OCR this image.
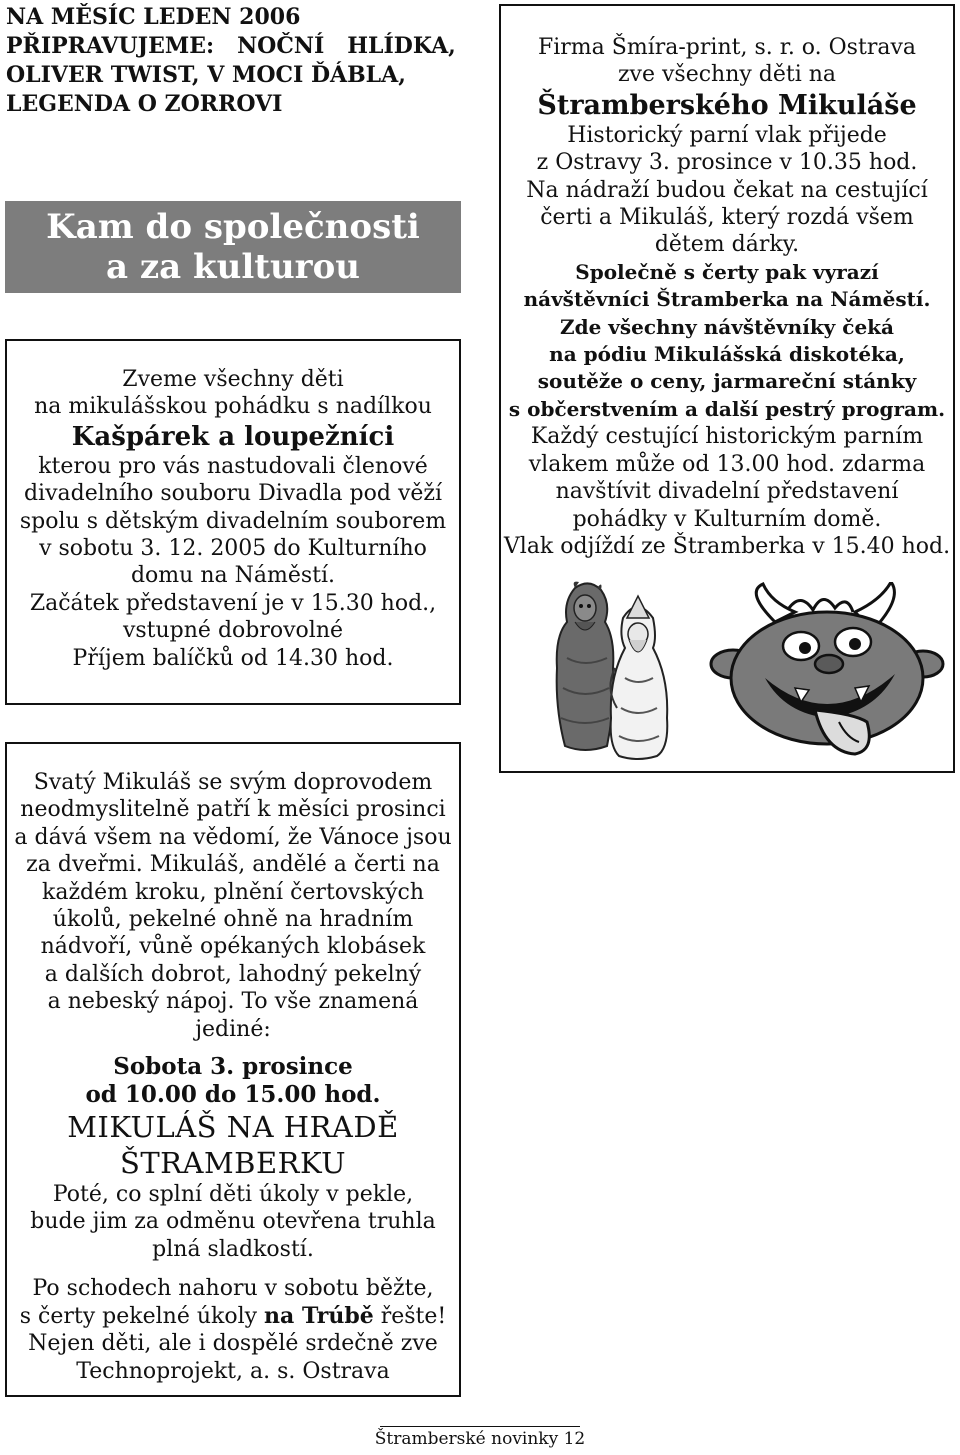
NA MĚSÍC LEDEN 2006
PŘIPRAVUJEME:   NOČNÍ   HLÍDKA,
OLIVER TWIST, V MOCI ĎÁBLA,
LEGENDA O ZORROVI
Kam do společnosti
a za kulturou
Zveme všechny děti
na mikulášskou pohádku s nadílkou
Kašpárek a loupežníci
kterou pro vás nastudovali členové
divadelního souboru Divadla pod věží
spolu s dětským divadelním souborem
v sobotu 3. 12. 2005 do Kulturního
domu na Náměstí.
Začátek představení je v 15.30 hod.,
vstupné dobrovolné
Příjem balíčků od 14.30 hod.
Svatý Mikuláš se svým doprovodem
neodmyslitelně patří k měsíci prosinci
a dává všem na vědomí, že Vánoce jsou
za dveřmi. Mikuláš, andělé a čerti na
každém kroku, plnění čertovských
úkolů, pekelné ohně na hradním
nádvoří, vůně opékaných klobásek
a dalších dobrot, lahodný pekelný
a nebeský nápoj. To vše znamená jediné:
Sobota 3. prosince
od 10.00 do 15.00 hod.
MIKULÁŠ NA HRADĚ
ŠTRAMBERKU
Poté, co splní děti úkoly v pekle,
bude jim za odměnu otevřena truhla
plná sladkostí.
Po schodech nahoru v sobotu běžte,
s čerty pekelné úkoly na Trúbě řešte!
Nejen děti, ale i dospělé srdečně zve
Technoprojekt, a. s. Ostrava
Firma Šmíra-print, s. r. o. Ostrava
zve všechny děti na
Štramberského Mikuláše
Historický parní vlak přijede
z Ostravy 3. prosince v 10.35 hod.
Na nádraží budou čekat na cestující
čerti a Mikuláš, který rozdá všem
dětem dárky.
Společně s čerty pak vyrazí
návštěvníci Štramberka na Náměstí.
Zde všechny návštěvníky čeká
na pódiu Mikulášská diskotéka,
soutěže o ceny, jarmareční stánky
s občerstvením a další pestrý program.
Každý cestující historickým parním
vlakem může od 13.00 hod. zdarma
navštívit divadelní představení
pohádky v Kulturním domě.
Vlak odjíždí ze Štramberka v 15.40 hod.
Štramberské novinky 12
